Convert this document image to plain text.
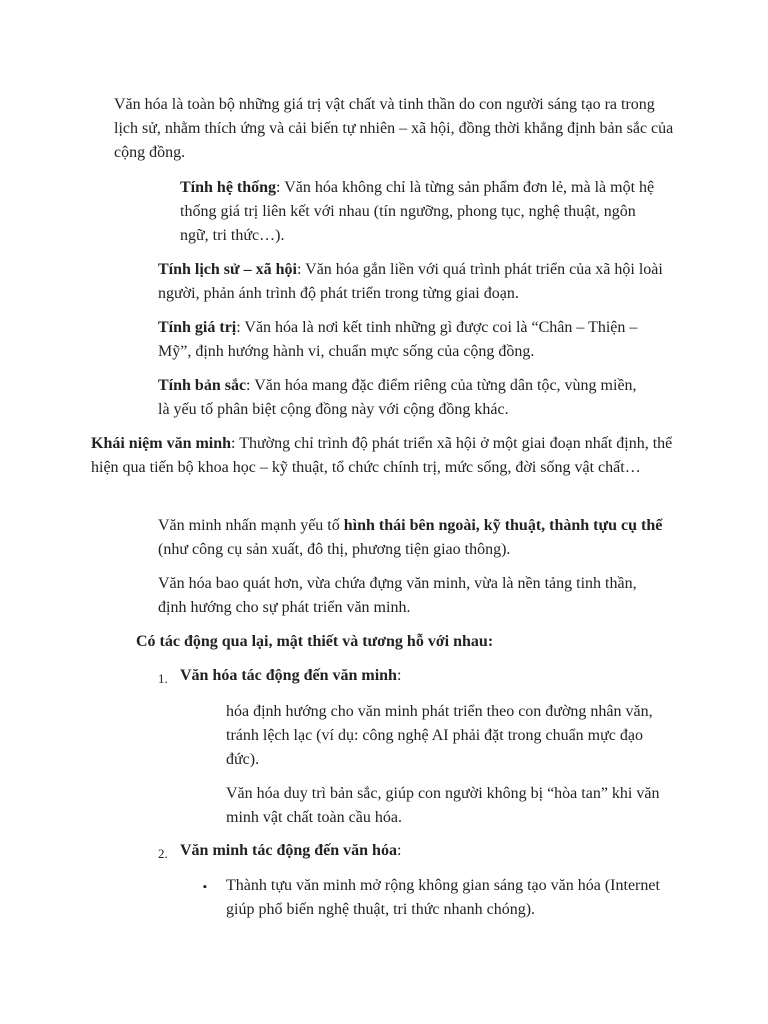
Văn hóa là toàn bộ những giá trị vật chất và tinh thần do con người sáng tạo ra trong lịch sử, nhằm thích ứng và cải biến tự nhiên – xã hội, đồng thời khẳng định bản sắc của cộng đồng.

Tính hệ thống: Văn hóa không chỉ là từng sản phẩm đơn lẻ, mà là một hệ thống giá trị liên kết với nhau (tín ngưỡng, phong tục, nghệ thuật, ngôn ngữ, tri thức…).

Tính lịch sử – xã hội: Văn hóa gắn liền với quá trình phát triển của xã hội loài người, phản ánh trình độ phát triển trong từng giai đoạn.

Tính giá trị: Văn hóa là nơi kết tinh những gì được coi là “Chân – Thiện – Mỹ”, định hướng hành vi, chuẩn mực sống của cộng đồng.

Tính bản sắc: Văn hóa mang đặc điểm riêng của từng dân tộc, vùng miền, là yếu tố phân biệt cộng đồng này với cộng đồng khác.

Khái niệm văn minh: Thường chỉ trình độ phát triển xã hội ở một giai đoạn nhất định, thể hiện qua tiến bộ khoa học – kỹ thuật, tổ chức chính trị, mức sống, đời sống vật chất…

Văn minh nhấn mạnh yếu tố hình thái bên ngoài, kỹ thuật, thành tựu cụ thể (như công cụ sản xuất, đô thị, phương tiện giao thông).

Văn hóa bao quát hơn, vừa chứa đựng văn minh, vừa là nền tảng tinh thần, định hướng cho sự phát triển văn minh.

Có tác động qua lại, mật thiết và tương hỗ với nhau:

1. Văn hóa tác động đến văn minh:

hóa định hướng cho văn minh phát triển theo con đường nhân văn, tránh lệch lạc (ví dụ: công nghệ AI phải đặt trong chuẩn mực đạo đức).

Văn hóa duy trì bản sắc, giúp con người không bị “hòa tan” khi văn minh vật chất toàn cầu hóa.

2. Văn minh tác động đến văn hóa:

▪ Thành tựu văn minh mở rộng không gian sáng tạo văn hóa (Internet giúp phổ biến nghệ thuật, tri thức nhanh chóng).
